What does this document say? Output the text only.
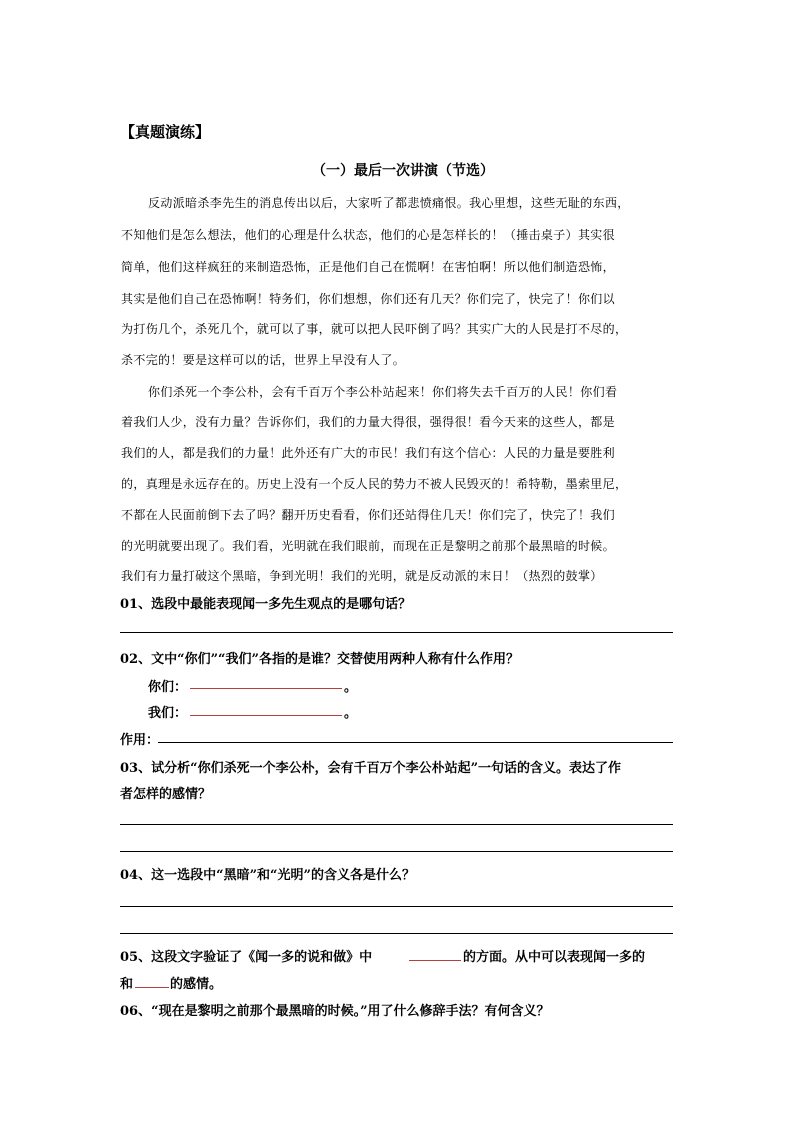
【真题演练】
（一）最后一次讲演（节选）
反动派暗杀李先生的消息传出以后，大家听了都悲愤痛恨。我心里想，这些无耻的东西，
不知他们是怎么想法，他们的心理是什么状态，他们的心是怎样长的！（捶击桌子）其实很
简单，他们这样疯狂的来制造恐怖，正是他们自己在慌啊！在害怕啊！所以他们制造恐怖，
其实是他们自己在恐怖啊！特务们，你们想想，你们还有几天？你们完了，快完了！你们以
为打伤几个，杀死几个，就可以了事，就可以把人民吓倒了吗？其实广大的人民是打不尽的，
杀不完的！要是这样可以的话，世界上早没有人了。
你们杀死一个李公朴，会有千百万个李公朴站起来！你们将失去千百万的人民！你们看
着我们人少，没有力量？告诉你们，我们的力量大得很，强得很！看今天来的这些人，都是
我们的人，都是我们的力量！此外还有广大的市民！我们有这个信心：人民的力量是要胜利
的，真理是永远存在的。历史上没有一个反人民的势力不被人民毁灭的！希特勒，墨索里尼，
不都在人民面前倒下去了吗？翻开历史看看，你们还站得住几天！你们完了，快完了！我们
的光明就要出现了。我们看，光明就在我们眼前，而现在正是黎明之前那个最黑暗的时候。
我们有力量打破这个黑暗，争到光明！我们的光明，就是反动派的末日！（热烈的鼓掌）
01、选段中最能表现闻一多先生观点的是哪句话？
02、文中“你们”“我们”各指的是谁？交替使用两种人称有什么作用？
你们：	。
我们：	。
作用：
03、试分析“你们杀死一个李公朴，会有千百万个李公朴站起”一句话的含义。表达了作
者怎样的感情？
04、这一选段中“黑暗”和“光明”的含义各是什么？
05、这段文字验证了《闻一多的说和做》中	的方面。从中可以表现闻一多的
和	的感情。
06、“现在是黎明之前那个最黑暗的时候。”用了什么修辞手法？有何含义？
